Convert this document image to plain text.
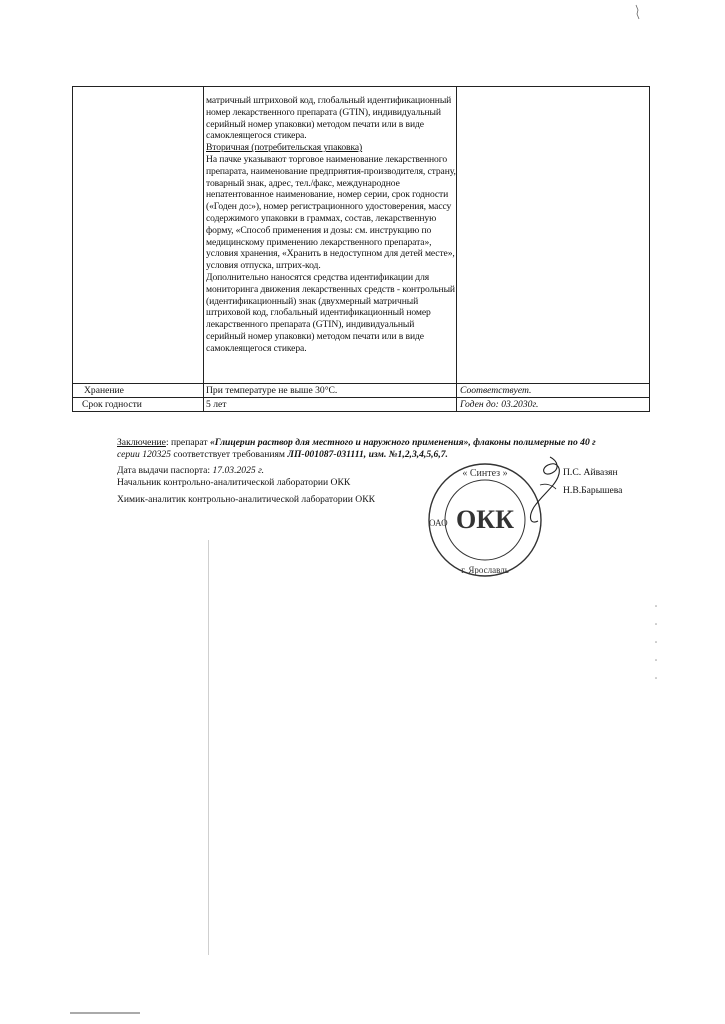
матричный штриховой код, глобальный идентификационный номер лекарственного препарата (GTIN), индивидуальный серийный номер упаковки) методом печати или в виде самоклеящегося стикера.

Вторичная (потребительская упаковка)

На пачке указывают торговое наименование лекарственного препарата, наименование предприятия-производителя, страну, товарный знак, адрес, тел./факс, международное непатентованное наименование, номер серии, срок годности («Годен до:»), номер регистрационного удостоверения, массу содержимого упаковки в граммах, состав, лекарственную форму, «Способ применения и дозы: см. инструкцию по медицинскому применению лекарственного препарата», условия хранения, «Хранить в недоступном для детей месте», условия отпуска, штрих-код.

Дополнительно наносятся средства идентификации для мониторинга движения лекарственных средств - контрольный (идентификационный) знак (двухмерный матричный штриховой код, глобальный идентификационный номер лекарственного препарата (GTIN), индивидуальный серийный номер упаковки) методом печати или в виде самоклеящегося стикера.

Хранение	При температуре не выше 30°С.	Соответствует.
Срок годности	5 лет	Годен до: 03.2030г.
Заключение: препарат «Глицерин раствор для местного и наружного применения», флаконы полимерные по 40 г
серии 120325 соответствует требованиям ЛП-001087-031111, изм. №1,2,3,4,5,6,7.
Дата выдачи паспорта: 17.03.2025 г.
Начальник контрольно-аналитической лаборатории ОКК
П.С. Айвазян
Химик-аналитик контрольно-аналитической лаборатории ОКК
Н.В.Барышева
« Синтез »
ОАО ОКК
г. Ярославль
